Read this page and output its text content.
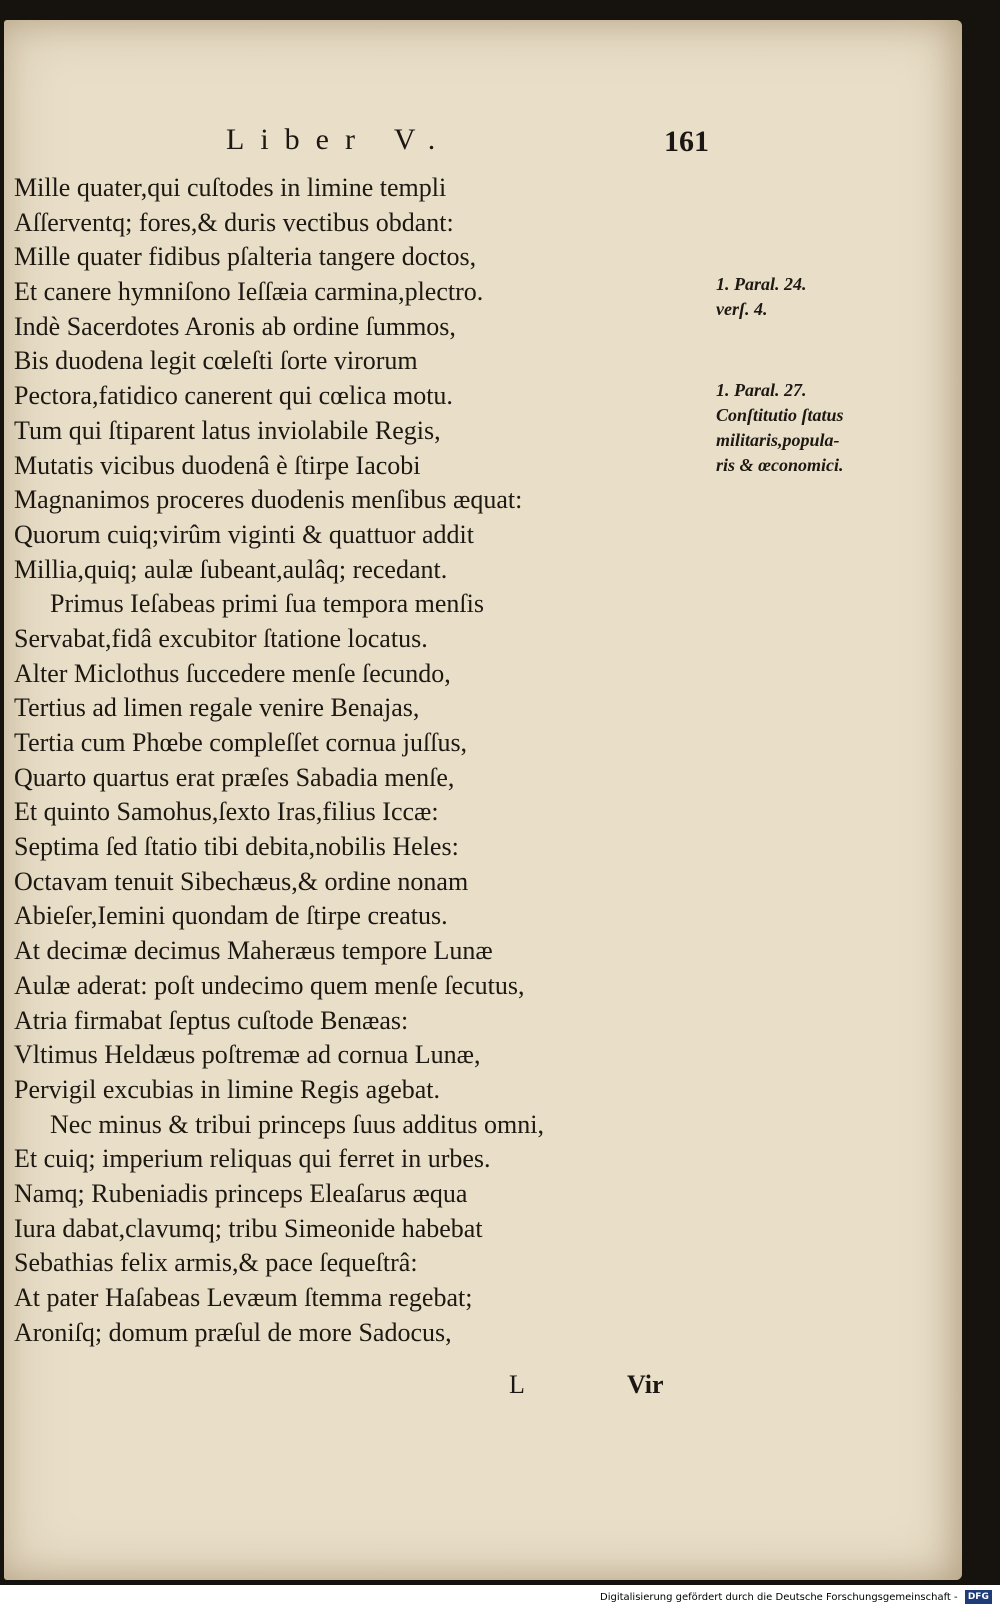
Liber V.	161
Mille quater,qui cuſtodes in limine templi
Aſſerventq; fores,& duris vectibus obdant:
Mille quater fidibus pſalteria tangere doctos,
Et canere hymniſono Ieſſæia carmina,plectro.
Indè Sacerdotes Aronis ab ordine ſummos,
Bis duodena legit cœleſti ſorte virorum
Pectora,fatidico canerent qui cœlica motu.
Tum qui ſtiparent latus inviolabile Regis,
Mutatis vicibus duodenâ è ſtirpe Iacobi
Magnanimos proceres duodenis menſibus æquat:
Quorum cuiq;virûm viginti & quattuor addit
Millia,quiq; aulæ ſubeant,aulâq; recedant.
Primus Ieſabeas primi ſua tempora menſis
Servabat,fidâ excubitor ſtatione locatus.
Alter Miclothus ſuccedere menſe ſecundo,
Tertius ad limen regale venire Benajas,
Tertia cum Phœbe compleſſet cornua juſſus,
Quarto quartus erat præſes Sabadia menſe,
Et quinto Samohus,ſexto Iras,filius Iccæ:
Septima ſed ſtatio tibi debita,nobilis Heles:
Octavam tenuit Sibechæus,& ordine nonam
Abieſer,Iemini quondam de ſtirpe creatus.
At decimæ decimus Maheræus tempore Lunæ
Aulæ aderat: poſt undecimo quem menſe ſecutus,
Atria firmabat ſeptus cuſtode Benæas:
Vltimus Heldæus poſtremæ ad cornua Lunæ,
Pervigil excubias in limine Regis agebat.
Nec minus & tribui princeps ſuus additus omni,
Et cuiq; imperium reliquas qui ferret in urbes.
Namq; Rubeniadis princeps Eleaſarus æqua
Iura dabat,clavumq; tribu Simeonide habebat
Sebathias felix armis,& pace ſequeſtrâ:
At pater Haſabeas Levæum ſtemma regebat;
Aroniſq; domum præſul de more Sadocus,
1. Paral. 24.
verſ. 4.
1. Paral. 27.
Conſtitutio ſtatus
militaris,popula-
ris & œconomici.
L	Vir
Digitalisierung gefördert durch die Deutsche Forschungsgemeinschaft - DFG
